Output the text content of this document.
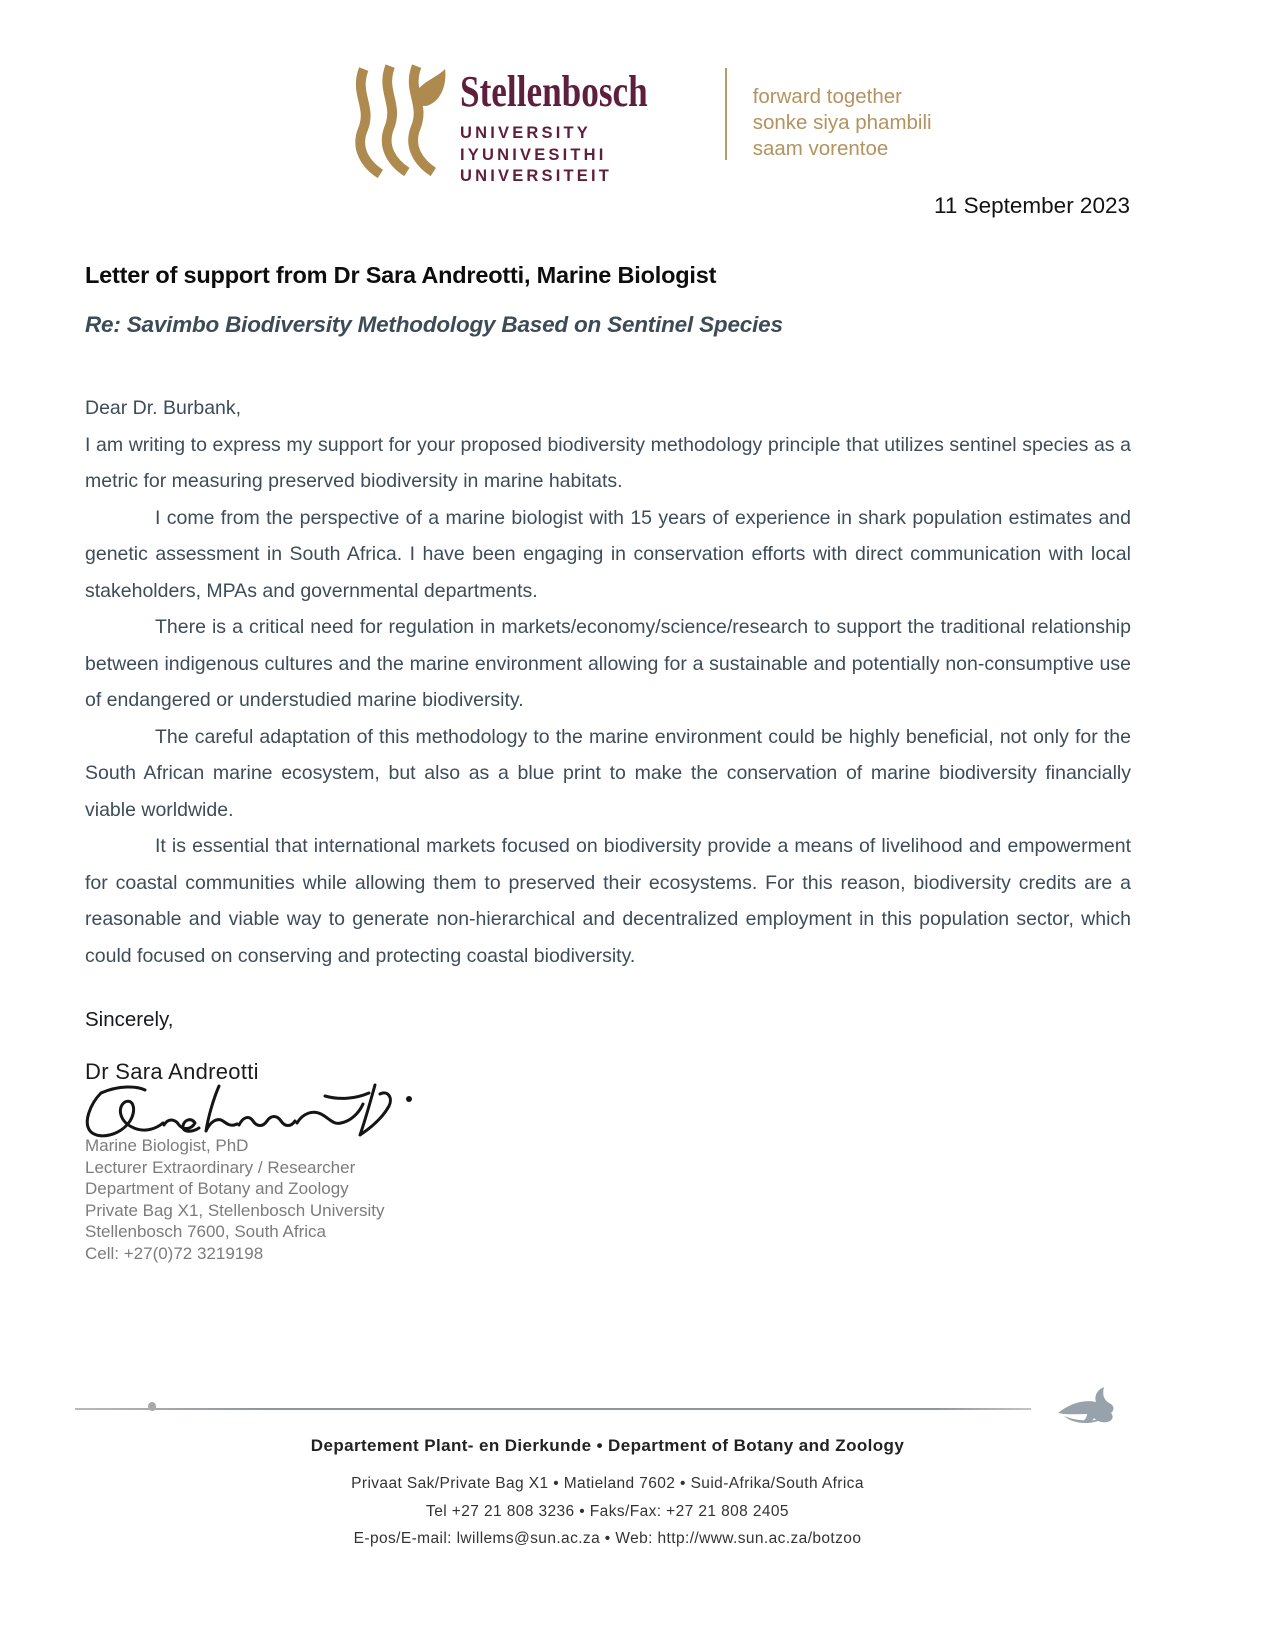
Stellenbosch
UNIVERSITY
IYUNIVESITHI
UNIVERSITEIT
forward together
sonke siya phambili
saam vorentoe
11 September 2023
Letter of support from Dr Sara Andreotti, Marine Biologist
Re: Savimbo Biodiversity Methodology Based on Sentinel Species

Dear Dr. Burbank,

I am writing to express my support for your proposed biodiversity methodology principle that utilizes sentinel species as a metric for measuring preserved biodiversity in marine habitats.

I come from the perspective of a marine biologist with 15 years of experience in shark population estimates and genetic assessment in South Africa. I have been engaging in conservation efforts with direct communication with local stakeholders, MPAs and governmental departments.

There is a critical need for regulation in markets/economy/science/research to support the traditional relationship between indigenous cultures and the marine environment allowing for a sustainable and potentially non-consumptive use of endangered or understudied marine biodiversity.

The careful adaptation of this methodology to the marine environment could be highly beneficial, not only for the South African marine ecosystem, but also as a blue print to make the conservation of marine biodiversity financially viable worldwide.

It is essential that international markets focused on biodiversity provide a means of livelihood and empowerment for coastal communities while allowing them to preserved their ecosystems. For this reason, biodiversity credits are a reasonable and viable way to generate non-hierarchical and decentralized employment in this population sector, which could focused on conserving and protecting coastal biodiversity.

Sincerely,
Dr Sara Andreotti
Marine Biologist, PhD
Lecturer Extraordinary / Researcher
Department of Botany and Zoology
Private Bag X1, Stellenbosch University
Stellenbosch 7600, South Africa
Cell: +27(0)72 3219198
Departement Plant- en Dierkunde • Department of Botany and Zoology
Privaat Sak/Private Bag X1 • Matieland 7602 • Suid-Afrika/South Africa
Tel +27 21 808 3236 • Faks/Fax: +27 21 808 2405
E-pos/E-mail: lwillems@sun.ac.za • Web: http://www.sun.ac.za/botzoo
